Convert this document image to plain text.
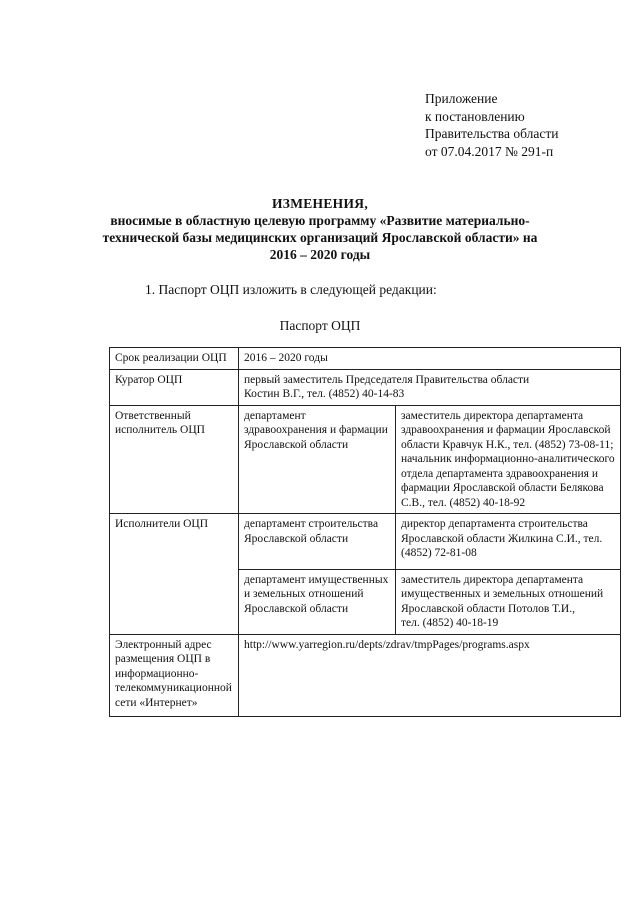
Приложение
к постановлению
Правительства области
от 07.04.2017 № 291-п
ИЗМЕНЕНИЯ,
вносимые в областную целевую программу «Развитие материально-
технической базы медицинских организаций Ярославской области» на
2016 – 2020 годы
1. Паспорт ОЦП изложить в следующей редакции:
Паспорт ОЦП
Срок реализации ОЦП	2016 – 2020 годы	
Куратор ОЦП	первый заместитель Председателя Правительства области
Костин В.Г., тел. (4852) 40-14-83	

Ответственный исполнитель ОЦП	департамент здравоохранения и фармации Ярославской области	заместитель директора департамента здравоохранения и фармации Ярославской области Кравчук Н.К., тел. (4852) 73-08-11;
начальник информационно-аналитического отдела департамента здравоохранения и фармации Ярославской области Белякова С.В., тел. (4852) 40-18-92

Исполнители ОЦП	департамент строительства Ярославской области	директор департамента строительства Ярославской области Жилкина С.И., тел. (4852) 72-81-08
	департамент имущественных и земельных отношений Ярославской области	заместитель директора департамента имущественных и земельных отношений Ярославской области Потолов Т.И.,
тел. (4852) 40-18-19

Электронный адрес размещения ОЦП в информационно-телекоммуникационной сети «Интернет»	http://www.yarregion.ru/depts/zdrav/tmpPages/programs.aspx	
